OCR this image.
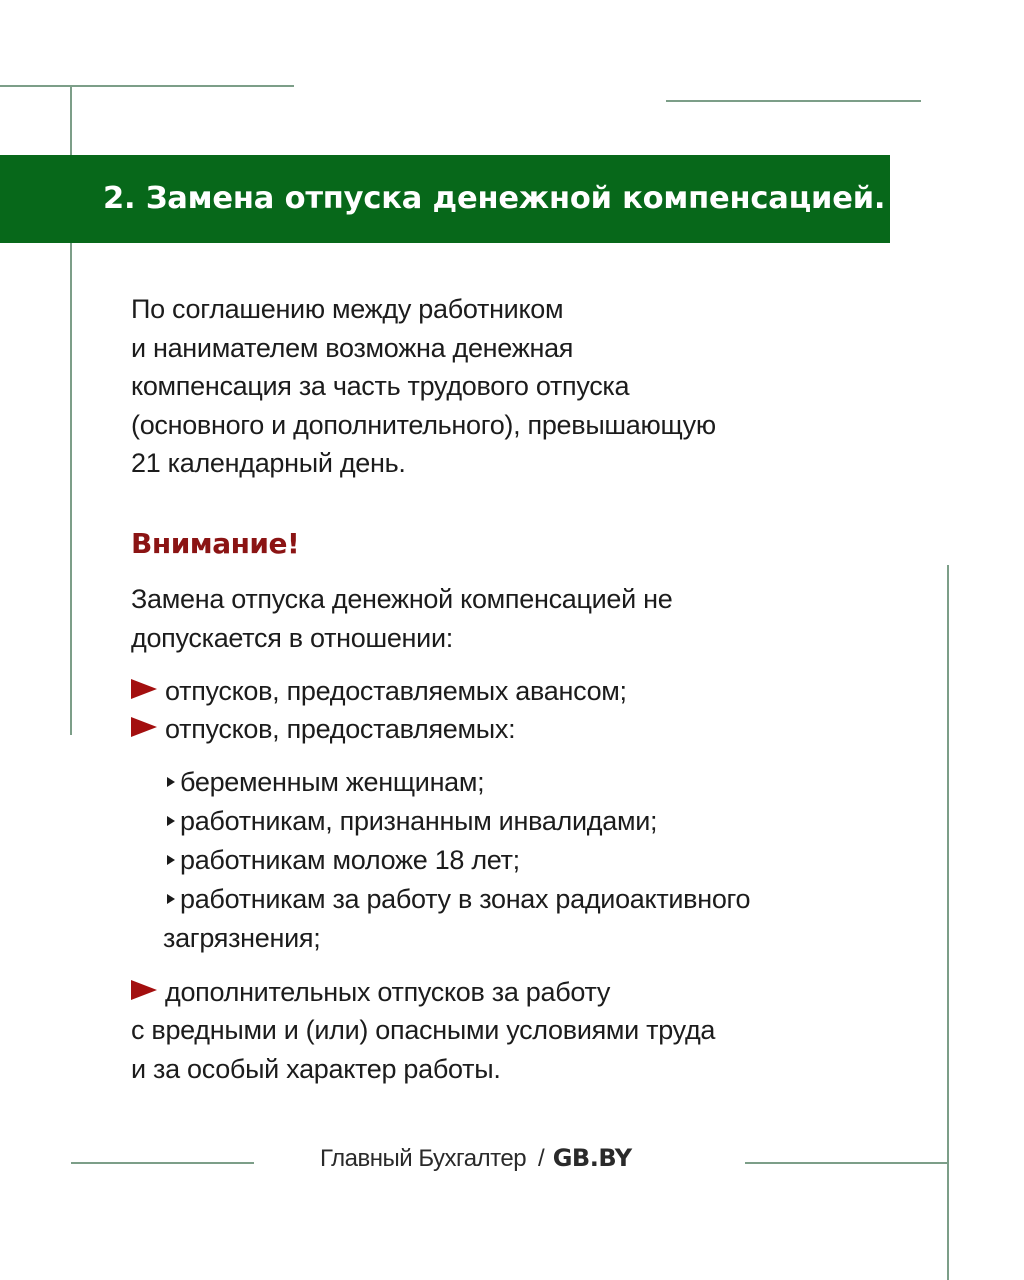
2. Замена отпуска денежной компенсацией.
По соглашению между работником
и нанимателем возможна денежная
компенсация за часть трудового отпуска
(основного и дополнительного), превышающую
21 календарный день.
Внимание!
Замена отпуска денежной компенсацией не
допускается в отношении:
отпусков, предоставляемых авансом;
отпусков, предоставляемых:
беременным женщинам;
работникам, признанным инвалидами;
работникам моложе 18 лет;
работникам за работу в зонах радиоактивного
загрязнения;
дополнительных отпусков за работу
с вредными и (или) опасными условиями труда
и за особый характер работы.
Главный Бухгалтер / GB.BY
